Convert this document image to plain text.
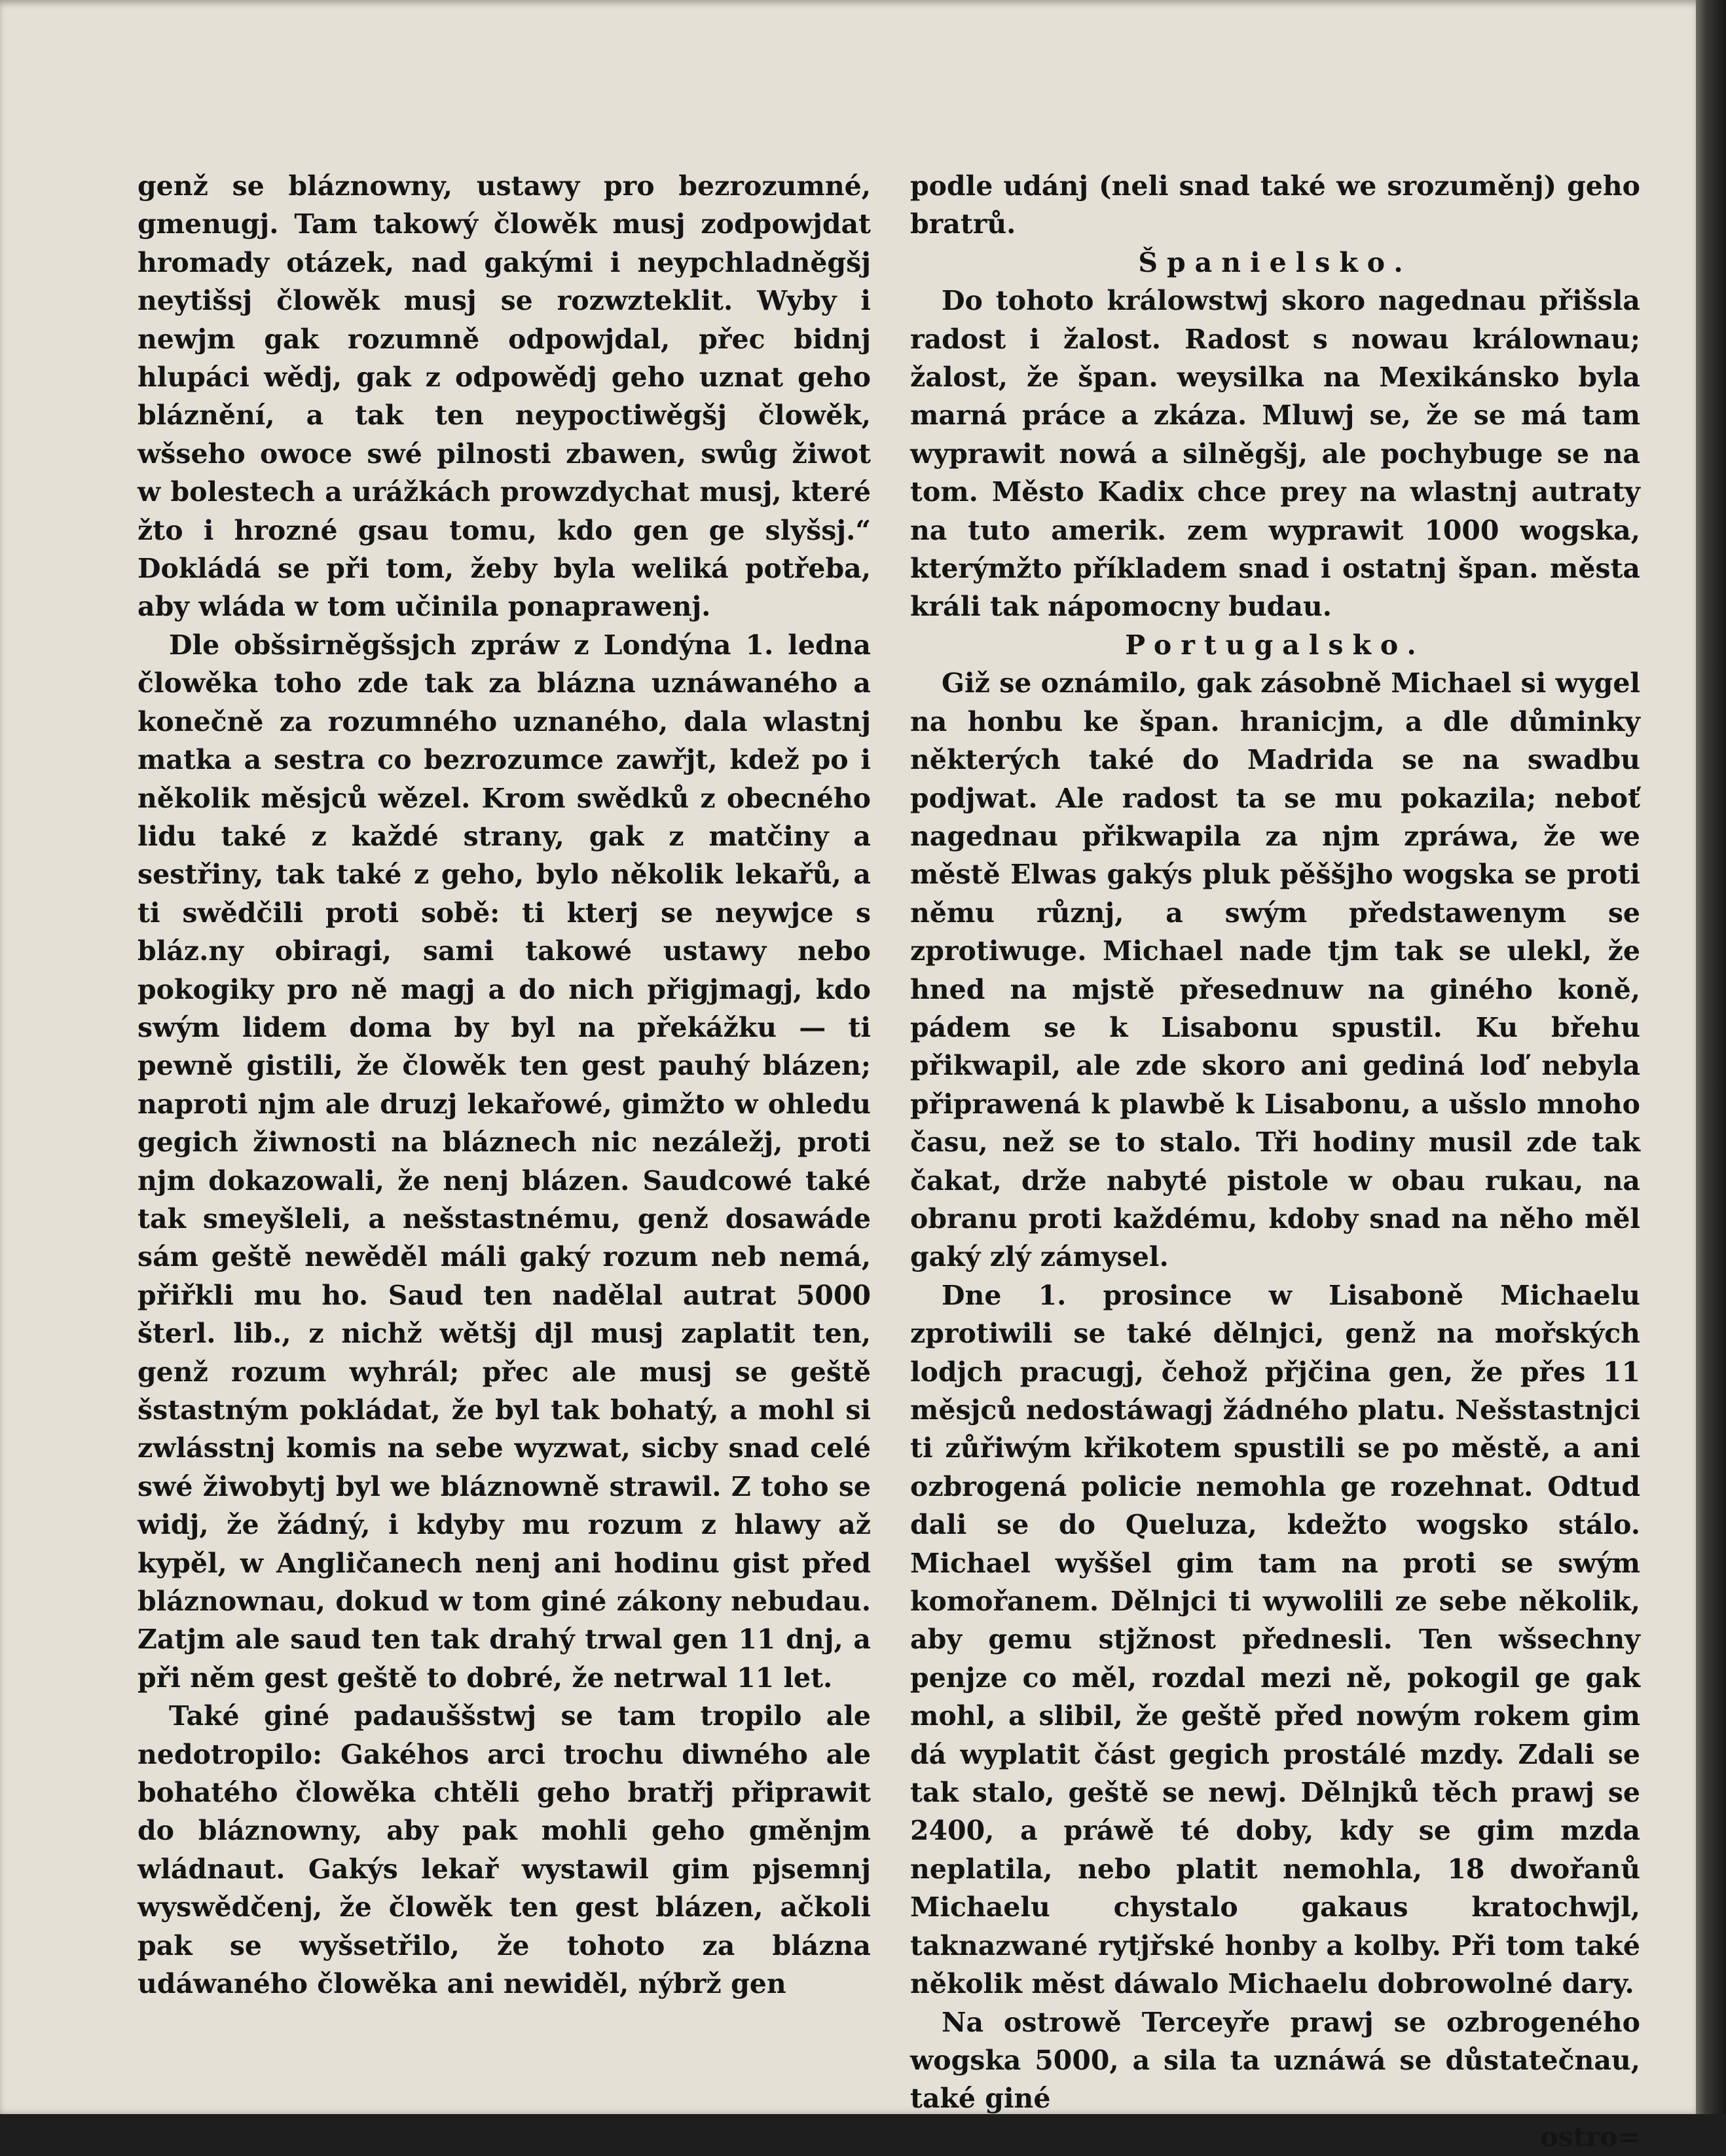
genž se bláznowny, ustawy pro bezrozumné, gmenugj. Tam takowý člowěk musj zodpowjdat hromady otázek, nad gakými i neypchladněgšj neytišsj člowěk musj se rozwzteklit. Wyby i newjm gak rozumně odpowjdal, přec bidnj hlupáci wědj, gak z odpowědj geho uznat geho bláznění, a tak ten neypoctiwěgšj člowěk, wšseho owoce swé pilnosti zbawen, swůg žiwot w bolestech a urážkách prowzdychat musj, které žto i hrozné gsau tomu, kdo gen ge slyšsj.“ Dokládá se při tom, žeby byla weliká potřeba, aby wláda w tom učinila ponaprawenj.

Dle obšsirněgšsjch zpráw z Londýna 1. ledna člowěka toho zde tak za blázna uznáwaného a konečně za rozumného uznaného, dala wlastnj matka a sestra co bezrozumce zawřjt, kdež po i několik měsjců wězel. Krom swědků z obecného lidu také z každé strany, gak z matčiny a sestřiny, tak také z geho, bylo několik lekařů, a ti swědčili proti sobě: ti kterj se neywjce s bláz.ny obiragi, sami takowé ustawy nebo pokogiky pro ně magj a do nich přigjmagj, kdo swým lidem doma by byl na překážku — ti pewně gistili, že člowěk ten gest pauhý blázen; naproti njm ale druzj lekařowé, gimžto w ohledu gegich žiwnosti na bláznech nic nezáležj, proti njm dokazowali, že nenj blázen. Saudcowé také tak smeyšleli, a nešstastnému, genž dosawáde sám geště newěděl máli gaký rozum neb nemá, přiřkli mu ho. Saud ten nadělal autrat 5000 šterl. lib., z nichž wětšj djl musj zaplatit ten, genž rozum wyhrál; přec ale musj se geště šstastným pokládat, že byl tak bohatý, a mohl si zwlásstnj komis na sebe wyzwat, sicby snad celé swé žiwobytj byl we bláznowně strawil. Z toho se widj, že žádný, i kdyby mu rozum z hlawy až kypěl, w Angličanech nenj ani hodinu gist před bláznownau, dokud w tom giné zákony nebudau. Zatjm ale saud ten tak drahý trwal gen 11 dnj, a při něm gest geště to dobré, že netrwal 11 let.

Také giné padauššstwj se tam tropilo ale nedotropilo: Gakéhos arci trochu diwného ale bohatého člowěka chtěli geho bratřj připrawit do bláznowny, aby pak mohli geho gměnjm wládnaut. Gakýs lekař wystawil gim pjsemnj wyswědčenj, že člowěk ten gest blázen, ačkoli pak se wyšsetřilo, že tohoto za blázna udáwaného člowěka ani newiděl, nýbrž gen

podle udánj (neli snad také we srozuměnj) geho bratrů.

Španielsko.

Do tohoto králowstwj skoro nagednau přišsla radost i žalost. Radost s nowau králownau; žalost, že špan. weysilka na Mexikánsko byla marná práce a zkáza. Mluwj se, že se má tam wyprawit nowá a silněgšj, ale pochybuge se na tom. Město Kadix chce prey na wlastnj autraty na tuto amerik. zem wyprawit 1000 wogska, kterýmžto příkladem snad i ostatnj špan. města králi tak nápomocny budau.

Portugalsko.

Giž se oznámilo, gak zásobně Michael si wygel na honbu ke špan. hranicjm, a dle důminky některých také do Madrida se na swadbu podjwat. Ale radost ta se mu pokazila; neboť nagednau přikwapila za njm zpráwa, že we městě Elwas gakýs pluk pěššjho wogska se proti němu různj, a swým předstawenym se zprotiwuge. Michael nade tjm tak se ulekl, že hned na mjstě přesednuw na giného koně, pádem se k Lisabonu spustil. Ku břehu přikwapil, ale zde skoro ani gediná loď nebyla připrawená k plawbě k Lisabonu, a ušslo mnoho času, než se to stalo. Tři hodiny musil zde tak čakat, drže nabyté pistole w obau rukau, na obranu proti každému, kdoby snad na něho měl gaký zlý zámysel.

Dne 1. prosince w Lisaboně Michaelu zprotiwili se také dělnjci, genž na mořských lodjch pracugj, čehož přjčina gen, že přes 11 měsjců nedostáwagj žádného platu. Nešstastnjci ti zůřiwým křikotem spustili se po městě, a ani ozbrogená policie nemohla ge rozehnat. Odtud dali se do Queluza, kdežto wogsko stálo. Michael wyššel gim tam na proti se swým komořanem. Dělnjci ti wywolili ze sebe několik, aby gemu stjžnost přednesli. Ten wšsechny penjze co měl, rozdal mezi ně, pokogil ge gak mohl, a slibil, že geště před nowým rokem gim dá wyplatit část gegich prostálé mzdy. Zdali se tak stalo, geště se newj. Dělnjků těch prawj se 2400, a práwě té doby, kdy se gim mzda neplatila, nebo platit nemohla, 18 dwořanů Michaelu chystalo gakaus kratochwjl, taknazwané rytjřské honby a kolby. Při tom také několik měst dáwalo Michaelu dobrowolné dary.

Na ostrowě Terceyře prawj se ozbrogeného wogska 5000, a sila ta uznáwá se důstatečnau, také giné

ostro=
